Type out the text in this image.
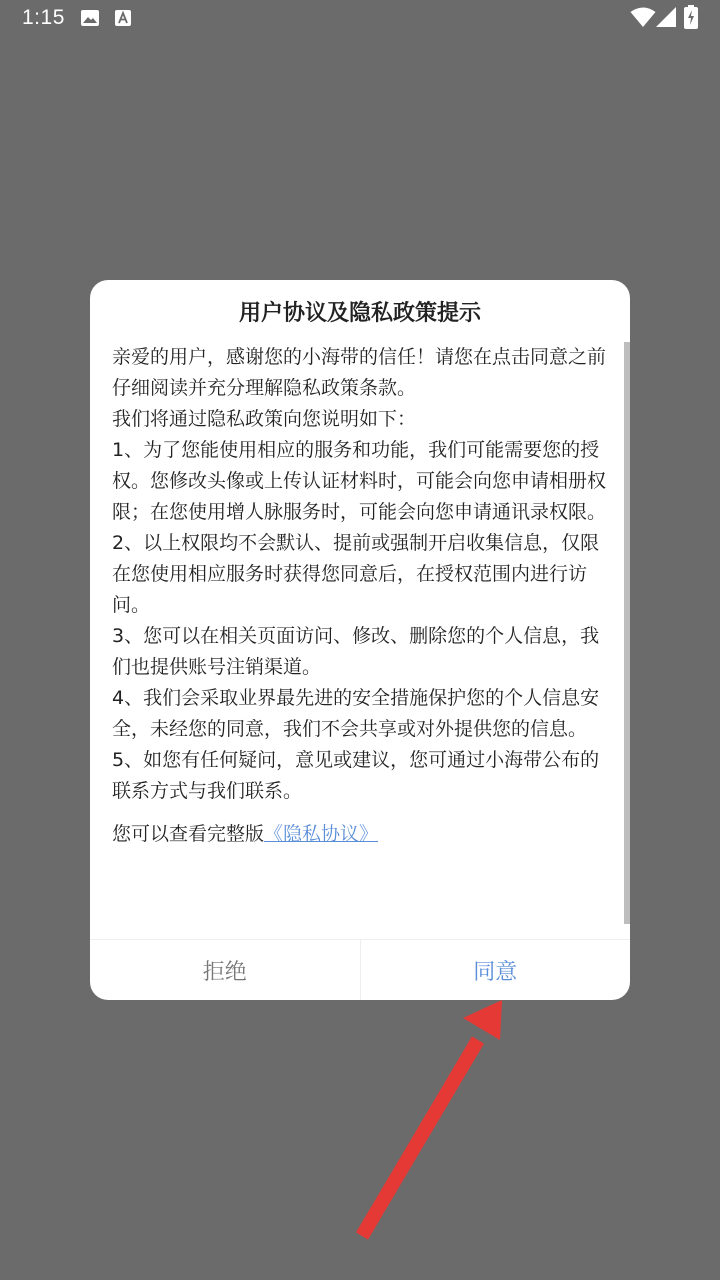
1:15
用户协议及隐私政策提示

亲爱的用户，感谢您的小海带的信任！请您在点击同意之前仔细阅读并充分理解隐私政策条款。

我们将通过隐私政策向您说明如下：

1、为了您能使用相应的服务和功能，我们可能需要您的授权。您修改头像或上传认证材料时，可能会向您申请相册权限；在您使用增人脉服务时，可能会向您申请通讯录权限。

2、以上权限均不会默认、提前或强制开启收集信息，仅限在您使用相应服务时获得您同意后，在授权范围内进行访问。

3、您可以在相关页面访问、修改、删除您的个人信息，我们也提供账号注销渠道。

4、我们会采取业界最先进的安全措施保护您的个人信息安全，未经您的同意，我们不会共享或对外提供您的信息。

5、如您有任何疑问，意见或建议，您可通过小海带公布的联系方式与我们联系。

您可以查看完整版《隐私协议》

拒绝	同意
